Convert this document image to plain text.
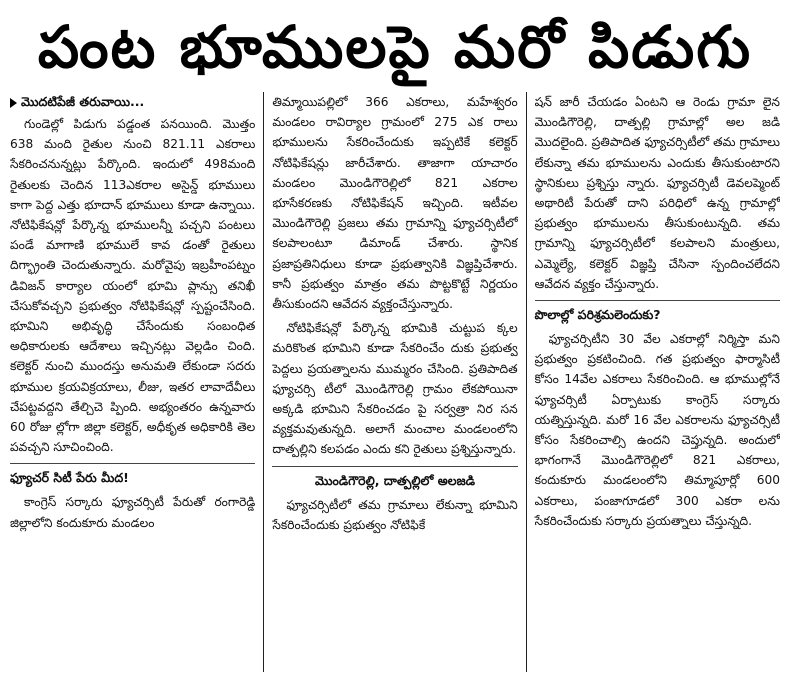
పంట భూములపై మరో పిడుగు
మొదటిపేజీ తరువాయి...

గుండెల్లో పిడుగు పడ్డంత పనయింది. మొత్తం 638 మంది రైతుల నుంచి 821.11 ఎకరాలు సేకరించనున్నట్లు పేర్కొంది. ఇందులో 498మంది రైతులకు చెందిన 113ఎకరాల అసైన్డ్ భూములు కాగా పెద్ద ఎత్తు భూదాన్ భూములు కూడా ఉన్నాయి. నోటిఫికేషన్లో పేర్కొన్న భూములన్నీ పచ్చని పంటలు పండే మాగాణి భూములే కావ డంతో రైతులు దిగ్భ్రాంతి చెందుతున్నారు. మరోవైపు ఇబ్రహీంపట్నం డివిజన్ కార్యాల యంలో భూమి ప్లాన్సు తనిఖీ చేసుకోవచ్చని ప్రభుత్వం నోటిఫికేషన్లో స్పష్టంచేసింది. భూమిని అభివృద్ధి చేసేందుకు సంబంధిత అధికారులకు ఆదేశాలు ఇచ్చినట్లు వెల్లడిం చింది. కలెక్టర్ నుంచి ముందస్తు అనుమతి లేకుండా సదరు భూముల క్రయవిక్రయాలు, లీజు, ఇతర లావాదేవీలు చేపట్టవద్దని తేల్చిచె ప్పింది. అభ్యంతరం ఉన్నవారు 60 రోజు ల్లోగా జిల్లా కలెక్టర్, అధీకృత అధికారికి తెల పవచ్చని సూచించింది.

ఫ్యూచర్ సిటీ పేరు మీద!

కాంగ్రెస్ సర్కారు ఫ్యూచర్సిటీ పేరుతో రంగారెడ్డి జిల్లాలోని కందుకూరు మండలం

తిమ్మాయిపల్లిలో 366 ఎకరాలు, మహేశ్వరం మండలం రావిర్యాల గ్రామంలో 275 ఎక రాలు భూములను సేకరించేందుకు ఇప్పటికే కలెక్టర్ నోటిఫికేషన్లు జారీచేశారు. తాజాగా యాచారం మండలం మొండిగౌరెల్లిలో 821 ఎకరాల భూసేకరణకు నోటిఫికేషన్ ఇచ్చింది. ఇటీవల మొండిగౌరెల్లి ప్రజలు తమ గ్రామాన్ని ఫ్యూచర్సిటీలో కలపాలంటూ డిమాండ్ చేశారు. స్థానిక ప్రజాప్రతినిధులు కూడా ప్రభుత్వానికి విజ్ఞప్తిచేశారు. కానీ ప్రభుత్వం మాత్రం తమ పొట్టకొట్టే నిర్ణయం తీసుకుందని ఆవేదన వ్యక్తంచేస్తున్నారు.

నోటిఫికేషన్లో పేర్కొన్న భూమికి చుట్టుప క్కల మరికొంత భూమిని కూడా సేకరించేం దుకు ప్రభుత్వ పెద్దలు ప్రయత్నాలను ముమ్మరం చేసింది. ప్రతిపాదిత ఫ్యూచర్సి టీలో మొండిగౌరెల్లి గ్రామం లేకపోయినా అక్కడి భూమిని సేకరించడం పై సర్వత్రా నిర సన వ్యక్తమవుతున్నది. అలాగే మంచాల మండలంలోని దాత్పల్లిని కలపడం ఎందు కని రైతులు ప్రశ్నిస్తున్నారు.

మొండిగౌరెల్లి, దాత్పల్లిలో అలజడి

ఫ్యూచర్సిటీలో తమ గ్రామాలు లేకున్నా భూమిని సేకరించేందుకు ప్రభుత్వం నోటిఫికే

షన్ జారీ చేయడం ఏంటని ఆ రెండు గ్రామా లైన మొండిగౌరెల్లి, దాత్పల్లి గ్రామాల్లో అల జడి మొదలైంది. ప్రతిపాదిత ఫ్యూచర్సిటీలో తమ గ్రామాలు లేకున్నా తమ భూములను ఎందుకు తీసుకుంటారని స్థానికులు ప్రశ్నిస్తు న్నారు. ఫ్యూచర్సిటీ డెవలప్మెంట్ అథారిటీ పేరుతో దాని పరిధిలో ఉన్న గ్రామాల్లో ప్రభుత్వం భూములను తీసుకుంటున్నది. తమ గ్రామాన్ని ఫ్యూచర్సిటీలో కలపాలని మంత్రులు, ఎమ్మెల్యే, కలెక్టర్ విజ్ఞప్తి చేసినా స్పందించలేదని ఆవేదన వ్యక్తం చేస్తున్నారు.

పొలాల్లో పరిశ్రమలెందుకు?

ఫ్యూచర్సిటీని 30 వేల ఎకరాల్లో నిర్మిస్తా మని ప్రభుత్వం ప్రకటించింది. గత ప్రభుత్వం ఫార్మాసిటీ కోసం 14వేల ఎకరాలు సేకరించింది. ఆ భూముల్లోనే ఫ్యూచర్సిటీ ఏర్పాటుకు కాంగ్రెస్ సర్కారు యత్నిస్తున్నది. మరో 16 వేల ఎకరాలను ఫ్యూచర్సిటీ కోసం సేకరించాల్సి ఉందని చెప్తున్నది. అందులో భాగంగానే మొండిగౌరెల్లిలో 821 ఎకరాలు, కందుకూరు మండలంలోని తిమ్మాపూర్లో 600 ఎకరాలు, పంజాగూడలో 300 ఎకరా లను సేకరించేందుకు సర్కారు ప్రయత్నాలు చేస్తున్నది.
